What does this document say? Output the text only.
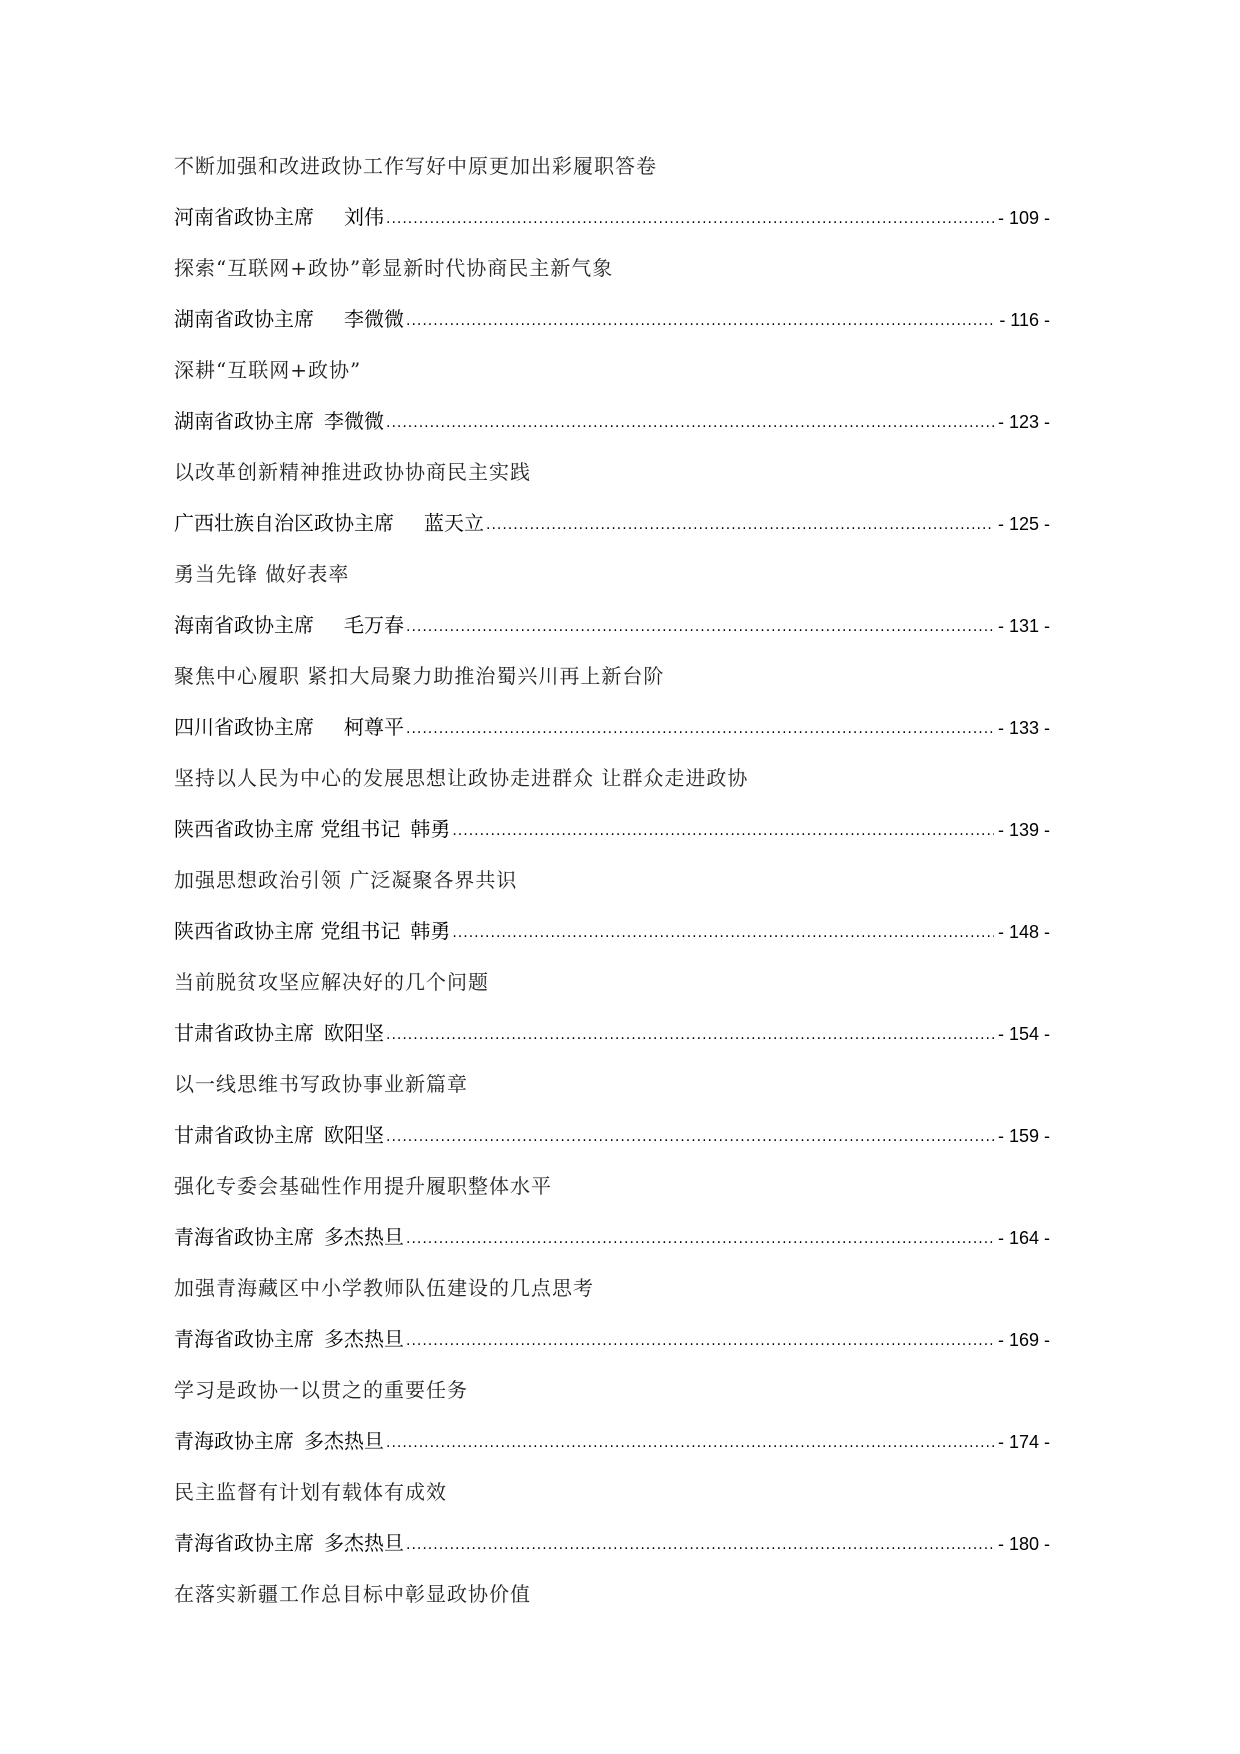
不断加强和改进政协工作写好中原更加出彩履职答卷
河南省政协主席 刘伟 .....	- 109 -
探索“互联网+政协”彰显新时代协商民主新气象
湖南省政协主席 李微微 .....	- 116 -
深耕“互联网+政协”
湖南省政协主席 李微微 .....	- 123 -
以改革创新精神推进政协协商民主实践
广西壮族自治区政协主席 蓝天立 .....	- 125 -
勇当先锋 做好表率
海南省政协主席 毛万春 .....	- 131 -
聚焦中心履职 紧扣大局聚力助推治蜀兴川再上新台阶
四川省政协主席 柯尊平 .....	- 133 -
坚持以人民为中心的发展思想让政协走进群众 让群众走进政协
陕西省政协主席 党组书记 韩勇 .....	- 139 -
加强思想政治引领 广泛凝聚各界共识
陕西省政协主席 党组书记 韩勇 .....	- 148 -
当前脱贫攻坚应解决好的几个问题
甘肃省政协主席 欧阳坚 .....	- 154 -
以一线思维书写政协事业新篇章
甘肃省政协主席 欧阳坚 .....	- 159 -
强化专委会基础性作用提升履职整体水平
青海省政协主席 多杰热旦 .....	- 164 -
加强青海藏区中小学教师队伍建设的几点思考
青海省政协主席 多杰热旦 .....	- 169 -
学习是政协一以贯之的重要任务
青海政协主席 多杰热旦 .....	- 174 -
民主监督有计划有载体有成效
青海省政协主席 多杰热旦 .....	- 180 -
在落实新疆工作总目标中彰显政协价值
